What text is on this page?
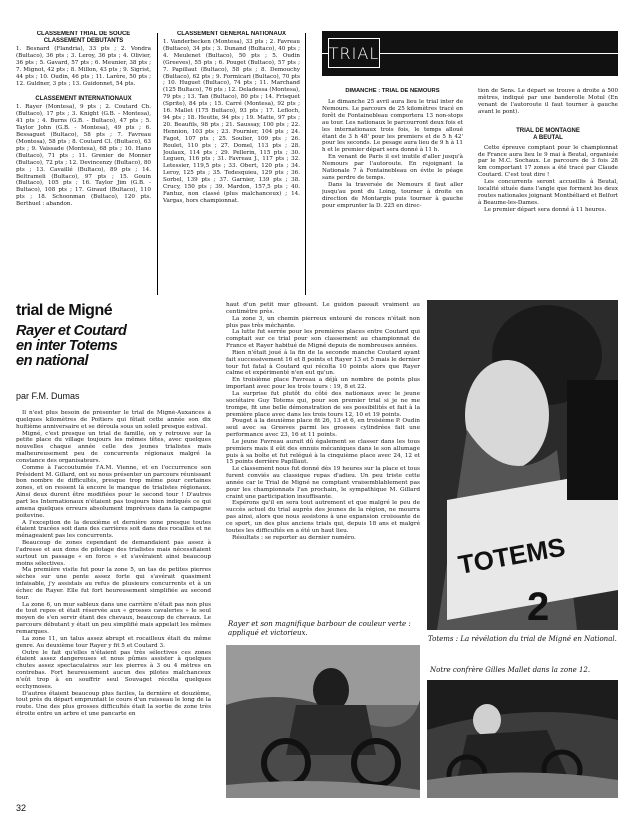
CLASSEMENT TRIAL DE SOUCE
CLASSEMENT DEBUTANTS

1. Besnard (Flandria), 33 pts ; 2. Vondra (Bultaco), 36 pts ; 3. Leroy, 36 pts ; 4. Olivier, 36 pts ; 5. Gavard, 57 pts ; 6. Meunier, 38 pts ; 7. Mignot, 42 pts ; 8. Millon, 43 pts ; 9. Sigrist, 44 pts ; 10. Oudin, 46 pts ; 11. Larère, 50 pts ; 12. Guldner, 3 pts ; 13. Guidonnet, 54 pts.

CLASSEMENT INTERNATIONAUX

1. Rayer (Montesa), 9 pts ; 2. Coutard Ch. (Bultaco), 17 pts ; 3. Knight (G.B. - Montesa), 41 pts ; 4. Burns (G.B. - Bultaco), 47 pts ; 5. Taylor John (G.B. - Montesa), 49 pts ; 6. Bessaguet (Bultaco), 58 pts ; 7. Favreau (Montesa), 58 pts ; 8. Coutard Cl. (Bultaco), 63 pts ; 9. Vaissade (Montesa), 68 pts ; 10. Hano (Bultaco), 71 pts ; 11. Grenier de Monner (Bultaco), 72 pts ; 12. Devincenzy (Bultaco), 80 pts ; 13. Cavaillé (Bultaco), 89 pts ; 14. Beltrameli (Bultaco), 97 pts ; 15. Gouin (Bultaco), 105 pts ; 16. Taylor Jim (G.B. - Bultaco), 108 pts ; 17. Giraud (Bultaco), 110 pts ; 18. Schoonman (Bultaco), 120 pts. Berthuel : abandon.

CLASSEMENT GENERAL NATIONAUX

1. Vanderbecken (Montesa), 33 pts ; 2. Favreau (Bultaco), 34 pts ; 3. Dunand (Bultaco), 40 pts ; 4. Meulenet (Bultaco), 50 pts ; 5. Oudin (Greeves), 55 pts ; 6. Pouget (Bultaco), 57 pts ; 7. Papillaut (Bultaco), 58 pts ; 8. Demouchy (Bultaco), 62 pts ; 9. Formicari (Bultaco), 70 pts ; 10. Huguet (Bultaco), 74 pts ; 11. Marchand (125 Bultaco), 76 pts ; 12. Deladessa (Montesa), 79 pts ; 13. Tan (Bultaco), 80 pts ; 14. Frisquet (Sprite), 84 pts ; 15. Carré (Montesa), 92 pts ; 16. Mallet (175 Bultaco), 93 pts ; 17. Lefloch, 94 pts ; 18. Heutte, 94 pts ; 19. Matte, 97 pts ; 20. Beaufils, 98 pts ; 21. Saussay, 100 pts ; 22. Hennion, 103 pts ; 23. Fournier, 104 pts ; 24. Fagot, 107 pts ; 25. Soulier, 109 pts ; 26. Roulet, 110 pts ; 27. Domel, 113 pts ; 28. Joulaux, 114 pts ; 29. Pellerin, 115 pts ; 30. Leguen, 116 pts ; 31. Favreau J., 117 pts ; 32. Letessier, 119,5 pts ; 33. Obert, 120 pts ; 34. Leroy, 125 pts ; 35. Tedesquieu, 129 pts ; 36. Sorbel, 139 pts ; 37. Garnier, 139 pts ; 38. Crucy, 150 pts ; 39. Mardon, 157,5 pts ; 40. Fantuz, non classé (plus malchanceux) ; 14. Vargas, hors championnat.

TRIAL
DIMANCHE : TRIAL DE NEMOURS

Le dimanche 25 avril aura lieu le trial inter de Nemours. Le parcours de 25 kilomètres tracé en forêt de Fontainebleau comportera 13 non-stops au tour. Les nationaux le parcourront deux fois et les internationaux trois fois, le temps alloué étant de 3 h 48' pour les premiers et de 5 h 42' pour les seconds. Le pesage aura lieu de 9 h à 11 h et le premier départ sera donné à 11 h.

En venant de Paris il est inutile d'aller jusqu'à Nemours par l'autoroute. En rejoignant la Nationale 7 à Fontainebleau on évite le péage sans perdre de temps.

Dans la traversée de Nemours il faut aller jusqu'au pont du Loing, tourner à droite en direction de Montargis puis tourner à gauche pour emprunter la D. 225 en direc-

tion de Sens. Le départ se trouve à droite à 500 mètres, indiqué par une banderolle Motul (En venant de l'autoroute il faut tourner à gauche avant le pont).

TRIAL DE MONTAGNE
A BEUTAL

Cette épreuve comptant pour le championnat de France aura lieu le 9 mai à Beutal, organisée par le M.C. Sochaux. Le parcours de 3 fois 28 km comportant 17 zones a été tracé par Claude Coutard. C'est tout dire !

Les concurrents seront accueillis à Beutal, localité située dans l'angle que forment les deux routes nationales joignant Montbéliard et Belfort à Beaume-les-Dames.

Le premier départ sera donné à 11 heures.

trial de Migné
Rayer et Coutard en inter Totems en national
par F.M. Dumas

Il n'est plus besoin de présenter le trial de Migné-Auxances à quelques kilomètres de Poitiers qui fêtait cette année son dix huitième anniversaire et se déroula sous un soleil presque estival.

Migné, c'est presque un trial de famille, on y retrouve sur la petite place du village toujours les mêmes têtes, avec quelques nouvelles chaque année celle des jeunes trialistes mais malheureusement peu de concurrents régionaux malgré la constance des organisateurs.

Comme à l'accoutumée l'A.M. Vienne, et en l'occurrence son Président M. Gillard, ont su nous présenter un parcours réunissant bon nombre de difficultés, presque trop même pour certaines zones, et on ressent là encore le manque de trialistes régionaux. Ainsi deux durent être modifiées pour le second tour ! D'autres part les Internationaux n'étaient pas toujours bien indiqués ce qui amena quelques erreurs absolument imprévues dans la campagne poitevine.

A l'exception de la deuxième et dernière zone presque toutes étaient tracées soit dans des carrières soit dans des rocailles et ne ménageaient pas les concurrents.

Beaucoup de zones cependant de demandaient pas assez à l'adresse et aux dons de pilotage des trialistes mais nécessitaient surtout un passage « en force » et s'avéraient ainsi beaucoup moins sélectives.

Ma première visite fut pour la zone 5, un tas de petites pierres sèches sur une pente assez forte qui s'avérait quasiment infaisable, j'y assistais au refus de plusieurs concurrents et à un échec de Rayer. Elle fut fort heureusement simplifiée au second tour.

La zone 6, un mur sableux dans une carrière n'était pas non plus de tout repos et était réservée aux « grosses cavaleries » le seul moyen de s'en servir étant des chevaux, beaucoup de chevaux. Le parcours débutant y était un peu simplifié mais appelait les mêmes remarques.

La zone 11, un talus assez abrupt et rocailleux était du même genre. Au deuxième tour Rayer y fit 5 et Coutard 3.

Outre le fait qu'elles n'étaient pas très sélectives ces zones étaient assez dangereuses et nous pûmes assister à quelques chutes assez spectaculaires sur les pierres à 3 ou 4 mètres en contrebas. Fort heureusement aucun des pilotes malchanceux n'eût trop à en souffrir seul Souvaget récolta quelques ecchymoses.

D'autres étaient beaucoup plus faciles, la dernière et douzième, tout près du départ empruntait le cours d'un ruisseau le long de la route. Une des plus grosses difficultés était la sortie de zone très étroite entre un arbre et une pancarte en

haut d'un petit mur glissant. Le guidon passait vraiment au centimètre près.

La zone 3, un chemin pierreux entouré de ronces n'était non plus pas très méchante.

La lutte fut serrée pour les premières places entre Coutard qui comptait sur ce trial pour son classement au championnat de France et Rayer habitué de Migné depuis de nombreuses années.

Rien n'était joué à la fin de la seconde manche Coutard ayant fait successivement 16 et 8 points et Rayer 13 et 5 mais le dernier tour fut fatal à Coutard qui récolta 10 points alors que Rayer calme et expérimenté n'en eut qu'un.

En troisième place Favreau a déjà un nombre de points plus important avec pour les trois tours : 19, 8 et 22.

La surprise fut plutôt du côté des nationaux avec le jeune sociétaire Guy Totems qui, pour son premier trial si je ne me trompe, fit une belle démonstration de ses possibilités et fait à la première place avec dans les trois tours 12, 10 et 19 points.

Pouget à la deuxième place fit 26, 13 et 6, en troisième P. Oudin seul avec sa Greeves parmi les grosses cylindrées fait une performance avec 23, 16 et 11 points.

Le jeune Favreau aurait dû également se classer dans les tous premiers mais il eût des ennuis mécaniques dans le son allumage puis à sa boîte et fut relégué à la cinquième place avec 24, 12 et 15 points derrière Papillaut.

Le classement nous fut donné dès 19 heures sur la place et tous furent conviés au classique repas d'adieu. Un peu triste cette année car le Trial de Migné ne comptant vraisemblablement pas pour les championnats l'an prochain, le sympathique M. Gillard craint une participation insuffisante.

Espérons qu'il en sera tout autrement et que malgré le peu de succès actuel du trial auprès des jeunes de la région, ne mourra pas ainsi, alors que nous assistons à une expansion croissante de ce sport, un des plus anciens trials qui, depuis 18 ans et malgré toutes les difficultés en a été un haut lieu.

Résultats : se reporter au dernier numéro.	TOTEMS
2
Totems : La révélation du trial de Migné en National.
Rayer et son magnifique barbour de couleur verte : appliqué et victorieux.
Notre confrère Gilles Mallet dans la zone 12.
32
